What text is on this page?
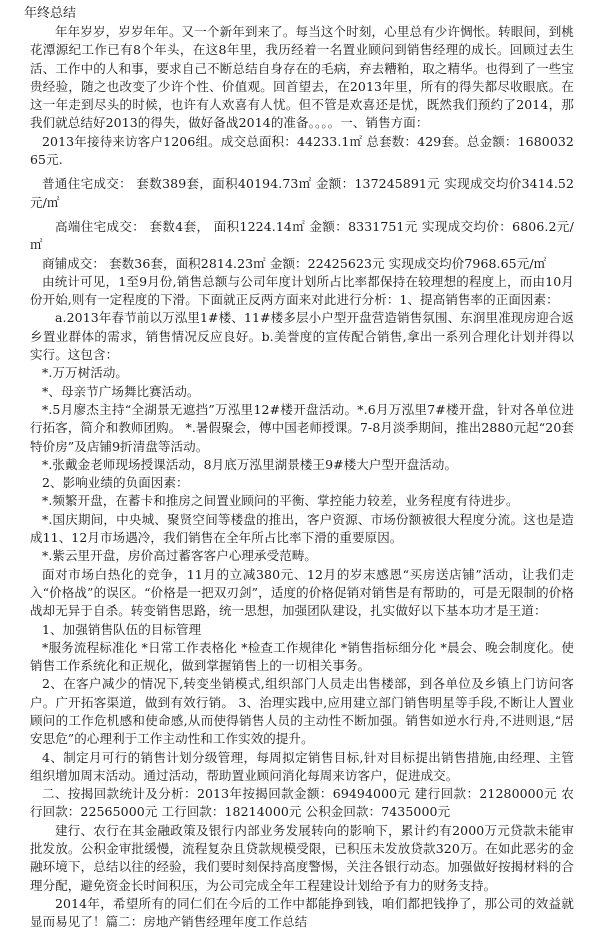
年终总结

年年岁岁，岁岁年年。又一个新年到来了。每当这个时刻，心里总有少许惆怅。转眼间，到桃花潭源纪工作已有8个年头，在这8年里，我历经着一名置业顾问到销售经理的成长。回顾过去生活、工作中的人和事，要求自己不断总结自身存在的毛病，弃去糟粕，取之精华。也得到了一些宝贵经验，随之也改变了少许个性、价值观。回首望去，在2013年里，所有的得失都尽收眼底。在这一年走到尽头的时候，也许有人欢喜有人忧。但不管是欢喜还是忧，既然我们预约了2014，那我们就总结好2013的得失，做好备战2014的准备。。。。一、销售方面：

2013年接待来访客户1206组。成交总面积：44233.1㎡ 总套数：429套。总金额：168003265元.

普通住宅成交： 套数389套，面积40194.73㎡ 金额：137245891元 实现成交均价3414.52元/㎡

高端住宅成交： 套数4套， 面积1224.14㎡ 金额：8331751元 实现成交均价：6806.2元/㎡

商铺成交： 套数36套，面积2814.23㎡ 金额：22425623元 实现成交均价7968.65元/㎡

由统计可见，1至9月份,销售总额与公司年度计划所占比率都保持在较理想的程度上，而由10月份开始,则有一定程度的下滑。下面就正反两方面来对此进行分析：1、提高销售率的正面因素：

a.2013年春节前以万泓里1#楼、11#楼多层小户型开盘营造销售氛围、东润里准现房迎合返乡置业群体的需求，销售情况反应良好。b.美誉度的宣传配合销售,拿出一系列合理化计划并得以实行。这包含：

*.万万树活动。

*、母亲节广场舞比赛活动。

*.5月廖杰主持“全湖景无遮挡”万泓里12#楼开盘活动。*.6月万泓里7#楼开盘，针对各单位进行拓客，简介和教师团购。 *.暑假聚会，傅中国老师授课。7-8月淡季期间，推出2880元起“20套特价房”及店铺9折清盘等活动。

*.张戴金老师现场授课活动，8月底万泓里湖景楼王9#楼大户型开盘活动。

2、影响业绩的负面因素：

*.频繁开盘，在蓄卡和推房之间置业顾问的平衡、掌控能力较差，业务程度有待进步。

*.国庆期间，中央城、聚贤空间等楼盘的推出，客户资源、市场份额被很大程度分流。这也是造成11、12月市场遇冷，我们销售在全年所占比率下滑的重要原因。

*.紫云里开盘，房价高过蓄客客户心理承受范畴。

面对市场白热化的竞争，11月的立减380元、12月的岁末感恩“买房送店铺”活动，让我们走入“价格战”的误区。“价格是一把双刃剑”，适度的价格促销对销售是有帮助的，可是无限制的价格战却无异于自杀。转变销售思路，统一思想，加强团队建设，扎实做好以下基本功才是王道：

1、加强销售队伍的目标管理

*服务流程标准化 *日常工作表格化 *检查工作规律化 *销售指标细分化 *晨会、晚会制度化。使销售工作系统化和正规化，做到掌握销售上的一切相关事务。

2、在客户减少的情况下,转变坐销模式,组织部门人员走出售楼部，到各单位及乡镇上门访问客户。广开拓客渠道，做到有效行销。 3、治理实践中,应用建立部门销售明星等手段,不断让人置业顾问的工作危机感和使命感,从而使得销售人员的主动性不断加强。销售如逆水行舟,不进则退,“居安思危”的心理利于工作主动性和工作实效的提升。

4、制定月可行的销售计划分级管理，每周拟定销售目标,针对目标提出销售措施,由经理、主管组织增加周末活动。通过活动，帮助置业顾问消化每周来访客户，促进成交。

二、按揭回款统计及分析：2013年按揭回款金额：69494000元 建行回款：21280000元 农行回款：22565000元 工行回款：18214000元 公积金回款：7435000元

建行、农行在其金融政策及银行内部业务发展转向的影响下，累计约有2000万元贷款未能审批发放。公积金审批缓慢，流程复杂且贷款规模受限，已积压未发放贷款320万。在如此恶劣的金融环境下，总结以往的经验，我们要时刻保持高度警惕，关注各银行动态。加强做好按揭材料的合理分配，避免资金长时间积压，为公司完成全年工程建设计划给予有力的财务支持。

2014年，希望所有的同仁们在今后的工作中都能挣到钱，咱们都把钱挣了，那公司的效益就显而易见了！篇二：房地产销售经理年度工作总结
